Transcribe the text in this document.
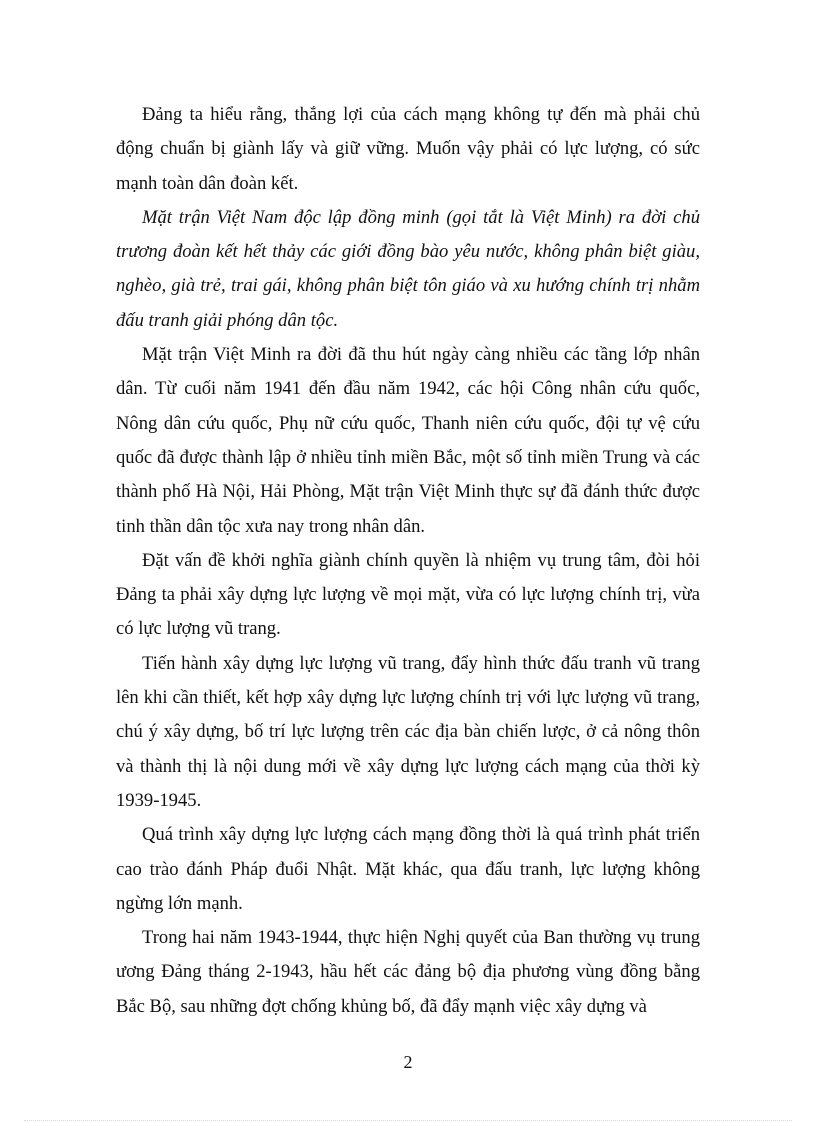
Đảng ta hiểu rằng, thắng lợi của cách mạng không tự đến mà phải chủ động chuẩn bị giành lấy và giữ vững. Muốn vậy phải có lực lượng, có sức mạnh toàn dân đoàn kết.

Mặt trận Việt Nam độc lập đồng minh (gọi tắt là Việt Minh) ra đời chủ trương đoàn kết hết thảy các giới đồng bào yêu nước, không phân biệt giàu, nghèo, già trẻ, trai gái, không phân biệt tôn giáo và xu hướng chính trị nhằm đấu tranh giải phóng dân tộc.

Mặt trận Việt Minh ra đời đã thu hút ngày càng nhiều các tầng lớp nhân dân. Từ cuối năm 1941 đến đầu năm 1942, các hội Công nhân cứu quốc, Nông dân cứu quốc, Phụ nữ cứu quốc, Thanh niên cứu quốc, đội tự vệ cứu quốc đã được thành lập ở nhiều tỉnh miền Bắc, một số tỉnh miền Trung và các thành phố Hà Nội, Hải Phòng, Mặt trận Việt Minh thực sự đã đánh thức được tinh thần dân tộc xưa nay trong nhân dân.

Đặt vấn đề khởi nghĩa giành chính quyền là nhiệm vụ trung tâm, đòi hỏi Đảng ta phải xây dựng lực lượng về mọi mặt, vừa có lực lượng chính trị, vừa có lực lượng vũ trang.

Tiến hành xây dựng lực lượng vũ trang, đẩy hình thức đấu tranh vũ trang lên khi cần thiết, kết hợp xây dựng lực lượng chính trị với lực lượng vũ trang, chú ý xây dựng, bố trí lực lượng trên các địa bàn chiến lược, ở cả nông thôn và thành thị là nội dung mới về xây dựng lực lượng cách mạng của thời kỳ 1939-1945.

Quá trình xây dựng lực lượng cách mạng đồng thời là quá trình phát triển cao trào đánh Pháp đuổi Nhật. Mặt khác, qua đấu tranh, lực lượng không ngừng lớn mạnh.

Trong hai năm 1943-1944, thực hiện Nghị quyết của Ban thường vụ trung ương Đảng tháng 2-1943, hầu hết các đảng bộ địa phương vùng đồng bằng Bắc Bộ, sau những đợt chống khủng bố, đã đẩy mạnh việc xây dựng và

2
